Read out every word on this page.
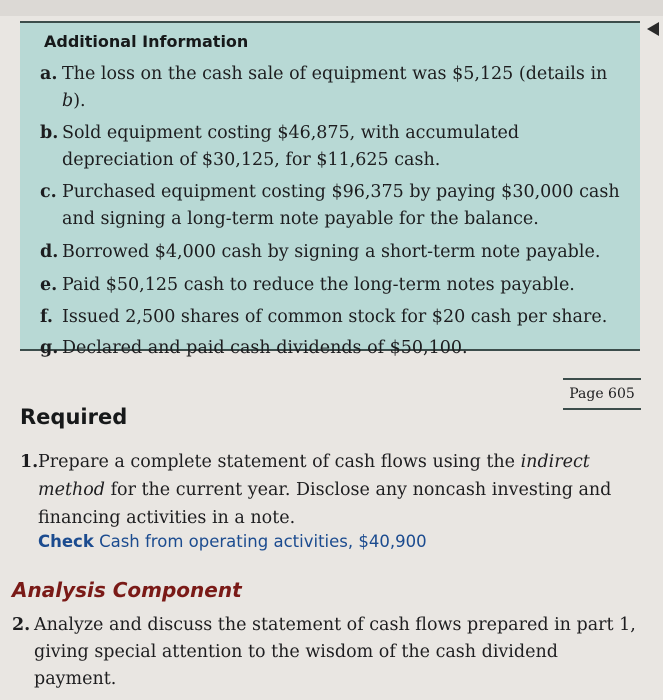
Additional Information
a. The loss on the cash sale of equipment was $5,125 (details in b).
b. Sold equipment costing $46,875, with accumulated depreciation of $30,125, for $11,625 cash.
c. Purchased equipment costing $96,375 by paying $30,000 cash and signing a long-term note payable for the balance.
d. Borrowed $4,000 cash by signing a short-term note payable.
e. Paid $50,125 cash to reduce the long-term notes payable.
f. Issued 2,500 shares of common stock for $20 cash per share.
g. Declared and paid cash dividends of $50,100.
Page 605
Required
1. Prepare a complete statement of cash flows using the indirect method for the current year. Disclose any noncash investing and financing activities in a note.
Check Cash from operating activities, $40,900
Analysis Component
2. Analyze and discuss the statement of cash flows prepared in part 1, giving special attention to the wisdom of the cash dividend payment.
